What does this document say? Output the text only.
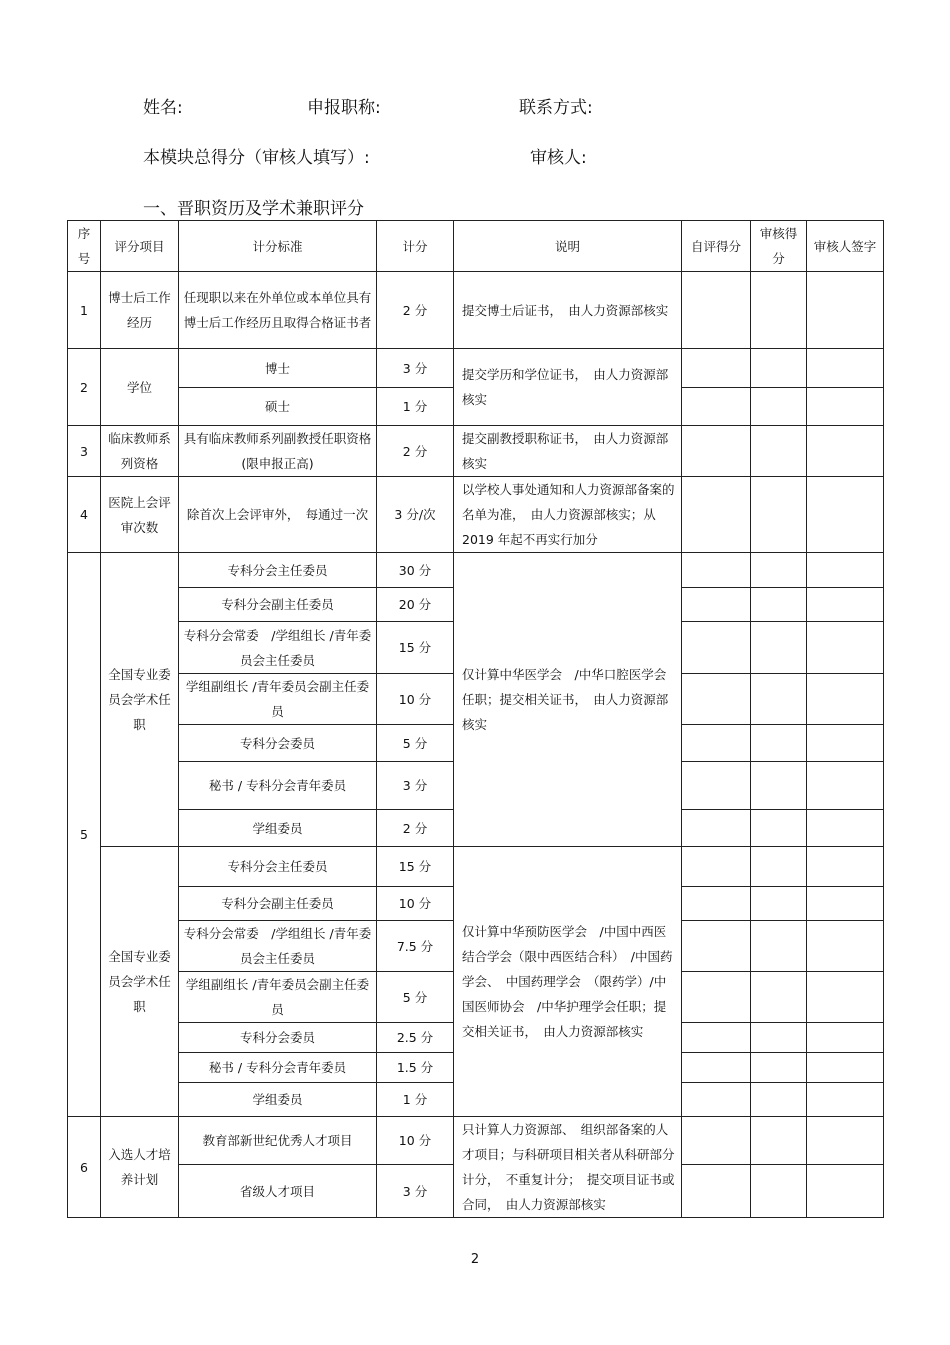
姓名:	申报职称:	联系方式:
本模块总得分（审核人填写）:	审核人:
一、晋职资历及学术兼职评分
序号	评分项目	计分标准	计分	说明	自评得分	审核得分	审核人签字
1	博士后工作经历	任现职以来在外单位或本单位具有博士后工作经历且取得合格证书者	2 分	提交博士后证书，　由人力资源部核实			
2	学位	博士	3 分	提交学历和学位证书，　由人力资源部核实			
		硕士	1 分				
3	临床教师系列资格	具有临床教师系列副教授任职资格　　(限申报正高)	2 分	提交副教授职称证书，　由人力资源部核实			
4	医院上会评审次数	除首次上会评审外，　每通过一次	3 分/次	以学校人事处通知和人力资源部备案的名单为准，　由人力资源部核实；从　2019 年起不再实行加分			
5	全国专业委员会学术任职	专科分会主任委员	30 分	仅计算中华医学会　/中华口腔医学会任职；提交相关证书，　由人力资源部核实			
		专科分会副主任委员	20 分				
		专科分会常委　/学组组长 /青年委员会主任委员	15 分				
		学组副组长 /青年委员会副主任委员	10 分				
		专科分会委员	5 分				
		秘书 / 专科分会青年委员	3 分				
		学组委员	2 分				
	全国专业委员会学术任职	专科分会主任委员	15 分	仅计算中华预防医学会　/中国中西医结合学会（限中西医结合科）　/中国药学会、　中国药理学会　（限药学）/中国医师协会　/中华护理学会任职；提交相关证书，　由人力资源部核实			
		专科分会副主任委员	10 分				
		专科分会常委　/学组组长 /青年委员会主任委员	7.5 分				
		学组副组长 /青年委员会副主任委员	5 分				
		专科分会委员	2.5 分				
		秘书 / 专科分会青年委员	1.5 分				
		学组委员	1 分				
6	入选人才培养计划	教育部新世纪优秀人才项目	10 分	只计算人力资源部、　组织部备案的人才项目；与科研项目相关者从科研部分计分，　不重复计分；　提交项目证书或合同，　由人力资源部核实			
		省级人才项目	3 分				
2
